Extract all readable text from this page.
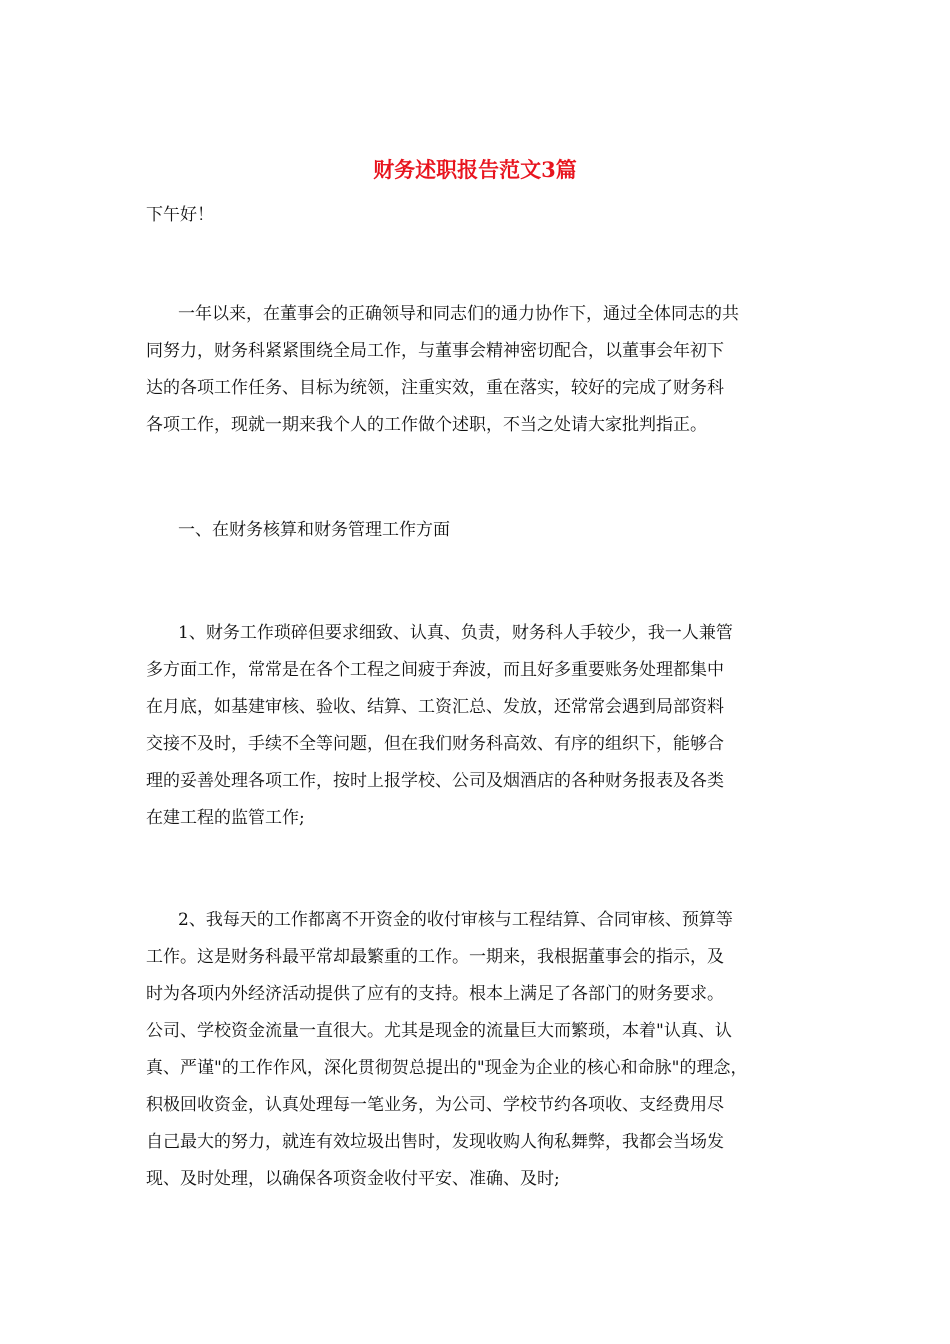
财务述职报告范文3篇

下午好！

一年以来，在董事会的正确领导和同志们的通力协作下，通过全体同志的共
同努力，财务科紧紧围绕全局工作，与董事会精神密切配合，以董事会年初下
达的各项工作任务、目标为统领，注重实效，重在落实，较好的完成了财务科
各项工作，现就一期来我个人的工作做个述职，不当之处请大家批判指正。
一、在财务核算和财务管理工作方面
1、财务工作琐碎但要求细致、认真、负责，财务科人手较少，我一人兼管
多方面工作，常常是在各个工程之间疲于奔波，而且好多重要账务处理都集中
在月底，如基建审核、验收、结算、工资汇总、发放，还常常会遇到局部资料
交接不及时，手续不全等问题，但在我们财务科高效、有序的组织下，能够合
理的妥善处理各项工作，按时上报学校、公司及烟酒店的各种财务报表及各类
在建工程的监管工作;
2、我每天的工作都离不开资金的收付审核与工程结算、合同审核、预算等
工作。这是财务科最平常却最繁重的工作。一期来，我根据董事会的指示，及
时为各项内外经济活动提供了应有的支持。根本上满足了各部门的财务要求。
公司、学校资金流量一直很大。尤其是现金的流量巨大而繁琐，本着"认真、认
真、严谨"的工作作风，深化贯彻贺总提出的"现金为企业的核心和命脉"的理念，
积极回收资金，认真处理每一笔业务，为公司、学校节约各项收、支经费用尽
自己最大的努力，就连有效垃圾出售时，发现收购人徇私舞弊，我都会当场发
现、及时处理，以确保各项资金收付平安、准确、及时;
